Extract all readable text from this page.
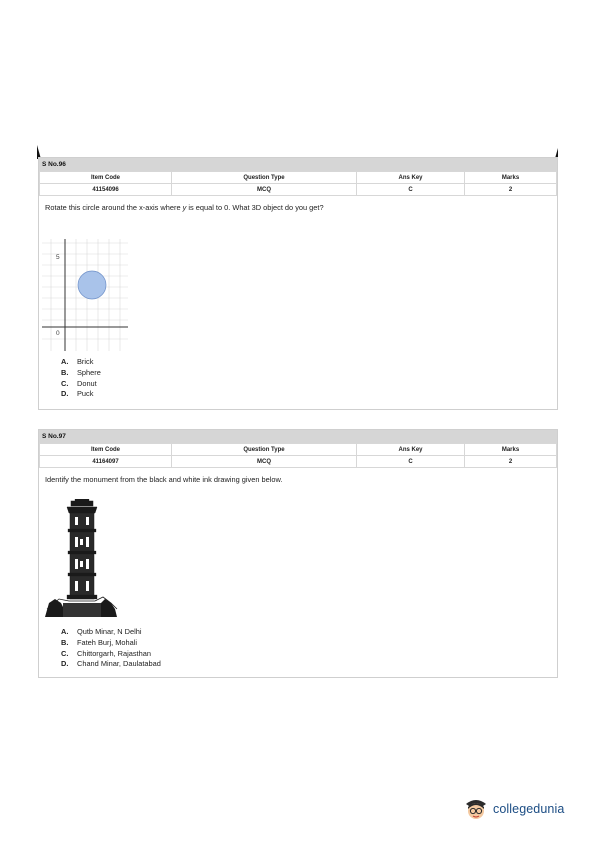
S No.96
Item Code	Question Type	Ans Key	Marks
41154096	MCQ	C	2
Rotate this circle around the x-axis where y is equal to 0. What 3D object do you get?
A. Brick
B. Sphere
C. Donut
D. Puck
5
0
S No.97
Item Code	Question Type	Ans Key	Marks
41164097	MCQ	C	2
Identify the monument from the black and white ink drawing given below.
A. Qutb Minar, N Delhi
B. Fateh Burj, Mohali
C. Chittorgarh, Rajasthan
D. Chand Minar, Daulatabad
collegedunia
